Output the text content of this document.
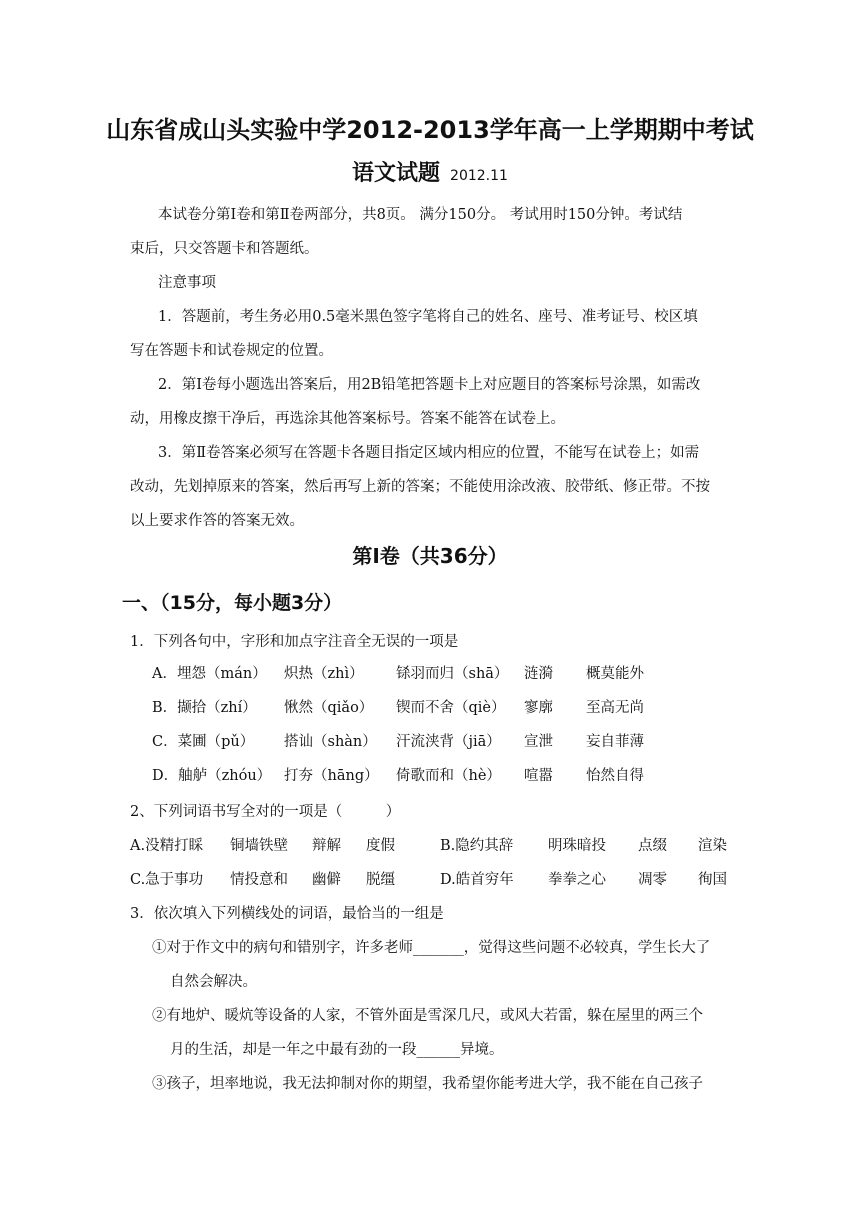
山东省成山头实验中学2012-2013学年高一上学期期中考试
语文试题 2012.11
本试卷分第Ⅰ卷和第Ⅱ卷两部分，共8页。 满分150分。 考试用时150分钟。考试结
束后，只交答题卡和答题纸。
注意事项
1．答题前，考生务必用0.5毫米黑色签字笔将自己的姓名、座号、准考证号、校区填
写在答题卡和试卷规定的位置。
2．第Ⅰ卷每小题选出答案后，用2B铅笔把答题卡上对应题目的答案标号涂黑，如需改
动，用橡皮擦干净后，再选涂其他答案标号。答案不能答在试卷上。
3．第Ⅱ卷答案必须写在答题卡各题目指定区域内相应的位置，不能写在试卷上；如需
改动，先划掉原来的答案，然后再写上新的答案；不能使用涂改液、胶带纸、修正带。不按
以上要求作答的答案无效。
第Ⅰ卷（共36分）
一、（15分，每小题3分）
1．下列各句中，字形和加点字注音全无误的一项是
A．埋怨（mán） 炽热（zhì） 铩羽而归（shā） 涟漪 概莫能外
B．撷拾（zhí） 愀然（qiǎo） 锲而不舍（qiè） 寥廓 至高无尚
C．菜圃（pǔ） 搭讪（shàn） 汗流浃背（jiā） 宣泄 妄自菲薄
D．舳舻（zhóu） 打夯（hāng） 倚歌而和（hè） 喧嚣 怡然自得
2、下列词语书写全对的一项是（　　　）
A.没精打睬 铜墙铁壁 辩解 度假	B.隐约其辞 明珠暗投 点缀 渲染
C.急于事功 情投意和 幽僻 脱缰	D.皓首穷年 拳拳之心 凋零 徇国
3．依次填入下列横线处的词语，最恰当的一组是
①对于作文中的病句和错别字，许多老师_______，觉得这些问题不必较真，学生长大了
自然会解决。
②有地炉、暖炕等设备的人家，不管外面是雪深几尺，或风大若雷，躲在屋里的两三个
月的生活，却是一年之中最有劲的一段______异境。
③孩子，坦率地说，我无法抑制对你的期望，我希望你能考进大学，我不能在自己孩子
